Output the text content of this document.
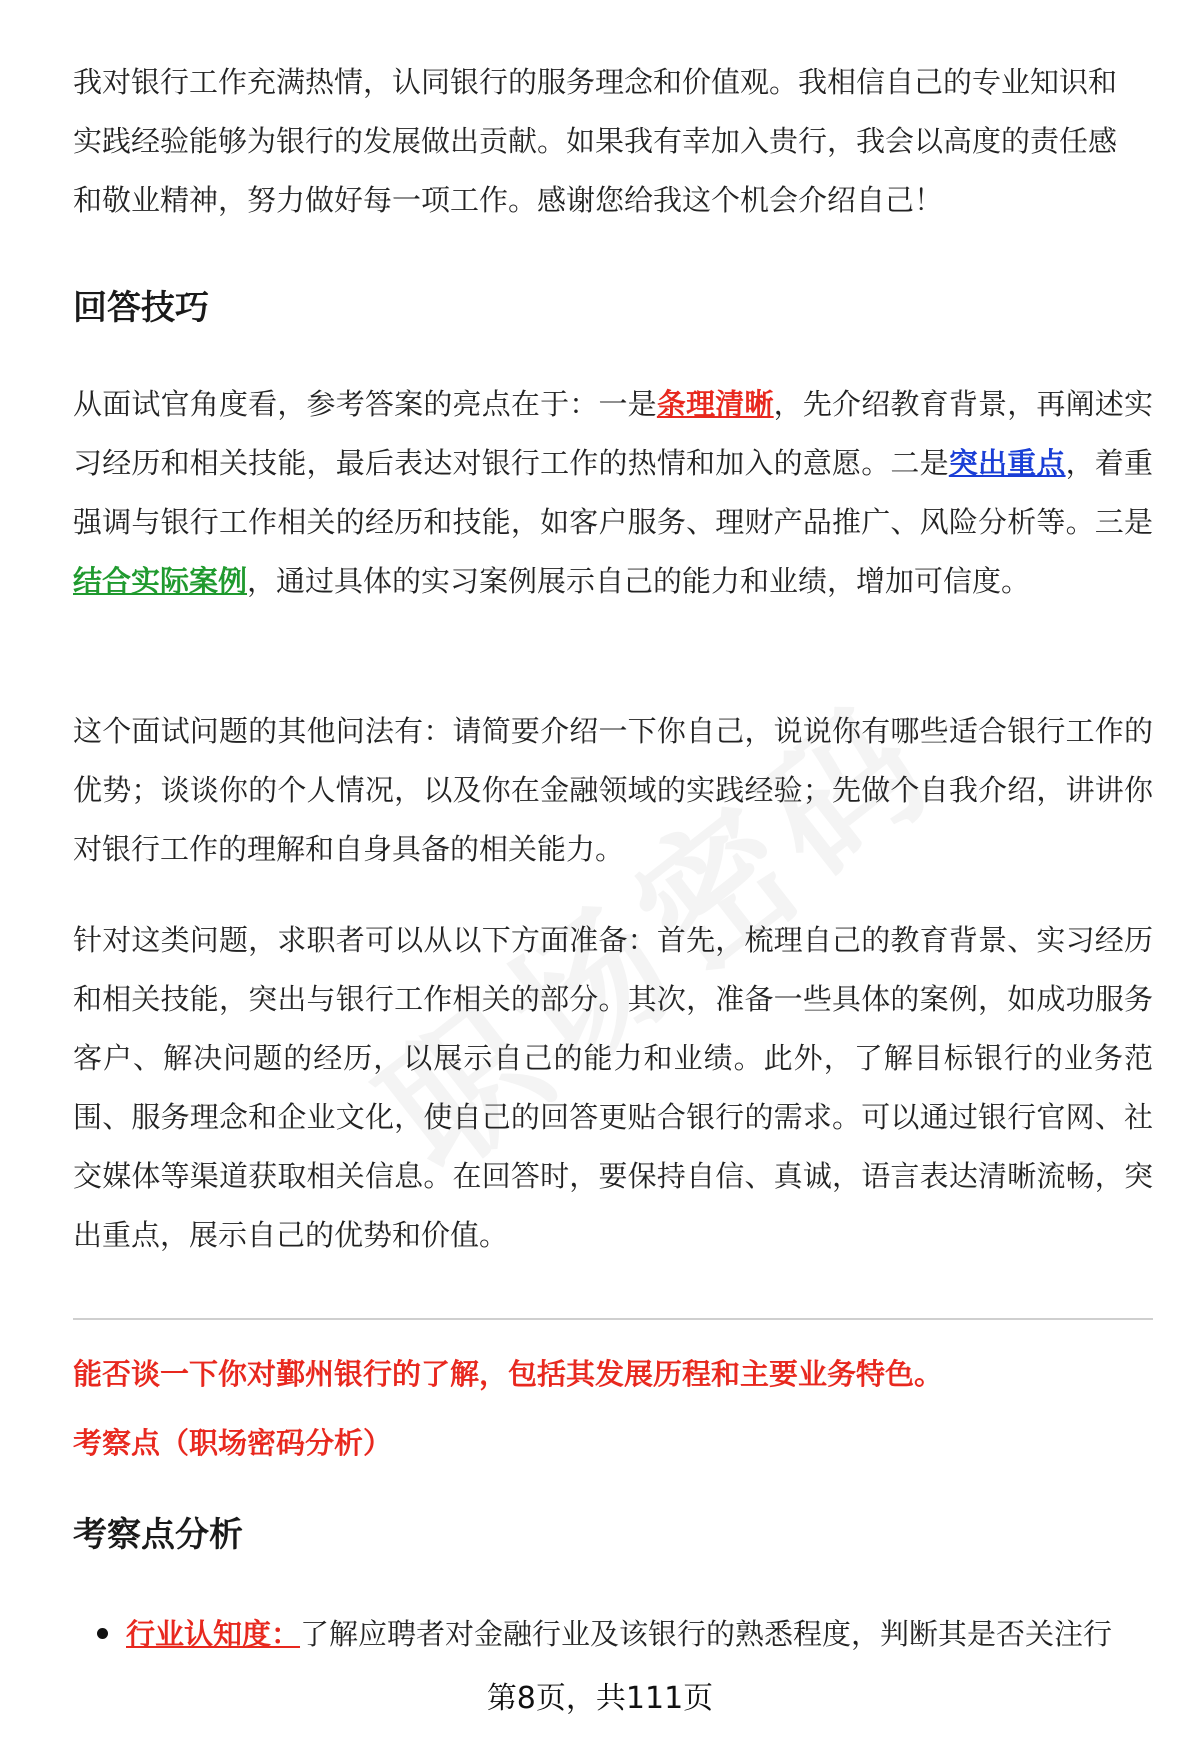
我对银行工作充满热情，认同银行的服务理念和价值观。我相信自己的专业知识和

实践经验能够为银行的发展做出贡献。如果我有幸加入贵行，我会以高度的责任感

和敬业精神，努力做好每一项工作。感谢您给我这个机会介绍自己！

回答技巧

从面试官角度看，参考答案的亮点在于：一是条理清晰，先介绍教育背景，再阐述实习经历和相关技能，最后表达对银行工作的热情和加入的意愿。二是突出重点，着重强调与银行工作相关的经历和技能，如客户服务、理财产品推广、风险分析等。三是结合实际案例，通过具体的实习案例展示自己的能力和业绩，增加可信度。

这个面试问题的其他问法有：请简要介绍一下你自己，说说你有哪些适合银行工作的优势；谈谈你的个人情况，以及你在金融领域的实践经验；先做个自我介绍，讲讲你对银行工作的理解和自身具备的相关能力。

针对这类问题，求职者可以从以下方面准备：首先，梳理自己的教育背景、实习经历和相关技能，突出与银行工作相关的部分。其次，准备一些具体的案例，如成功服务客户、解决问题的经历，以展示自己的能力和业绩。此外，了解目标银行的业务范围、服务理念和企业文化，使自己的回答更贴合银行的需求。可以通过银行官网、社交媒体等渠道获取相关信息。在回答时，要保持自信、真诚，语言表达清晰流畅，突出重点，展示自己的优势和价值。

能否谈一下你对鄞州银行的了解，包括其发展历程和主要业务特色。

考察点（职场密码分析）

考察点分析
行业认知度：了解应聘者对金融行业及该银行的熟悉程度，判断其是否关注行
第8页，共111页
